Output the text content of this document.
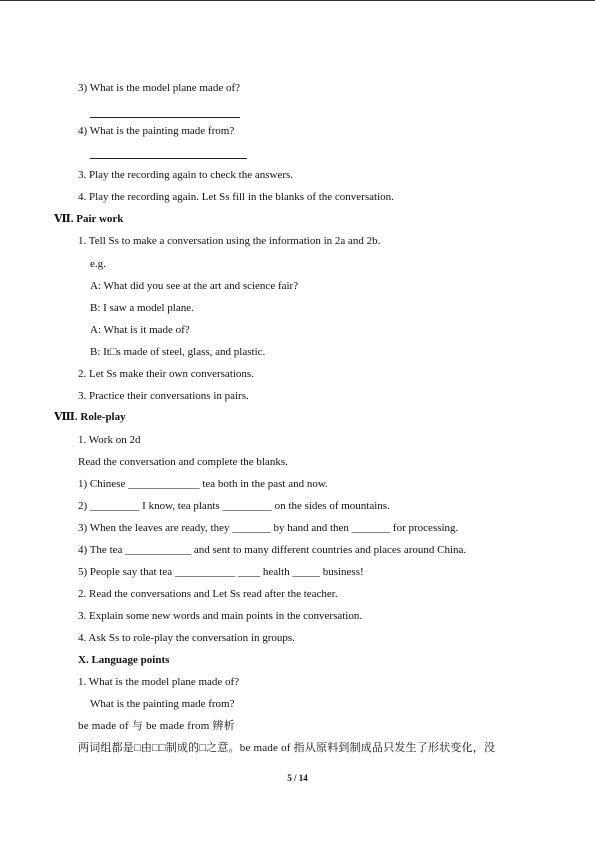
3) What is the model plane made of?
4) What is the painting made from?
3. Play the recording again to check the answers.
4. Play the recording again. Let Ss fill in the blanks of the conversation.
Ⅶ. Pair work
1. Tell Ss to make a conversation using the information in 2a and 2b.
e.g.
A: What did you see at the art and science fair?
B: I saw a model plane.
A: What is it made of?
B: It□s made of steel, glass, and plastic.
2. Let Ss make their own conversations.
3. Practice their conversations in pairs.
Ⅷ. Role-play
1. Work on 2d
Read the conversation and complete the blanks.
1) Chinese _____________ tea both in the past and now.
2) _________ I know, tea plants _________ on the sides of mountains.
3) When the leaves are ready, they _______ by hand and then _______ for processing.
4) The tea ____________ and sent to many different countries and places around China.
5) People say that tea ___________ ____ health _____ business!
2. Read the conversations and Let Ss read after the teacher.
3. Explain some new words and main points in the conversation.
4. Ask Ss to role-play the conversation in groups.
X. Language points
1. What is the model plane made of?
What is the painting made from?
be made of 与 be made from 辨析
两词组都是□由□□制成的□之意。be made of 指从原料到制成品只发生了形状变化，没
5 / 14
